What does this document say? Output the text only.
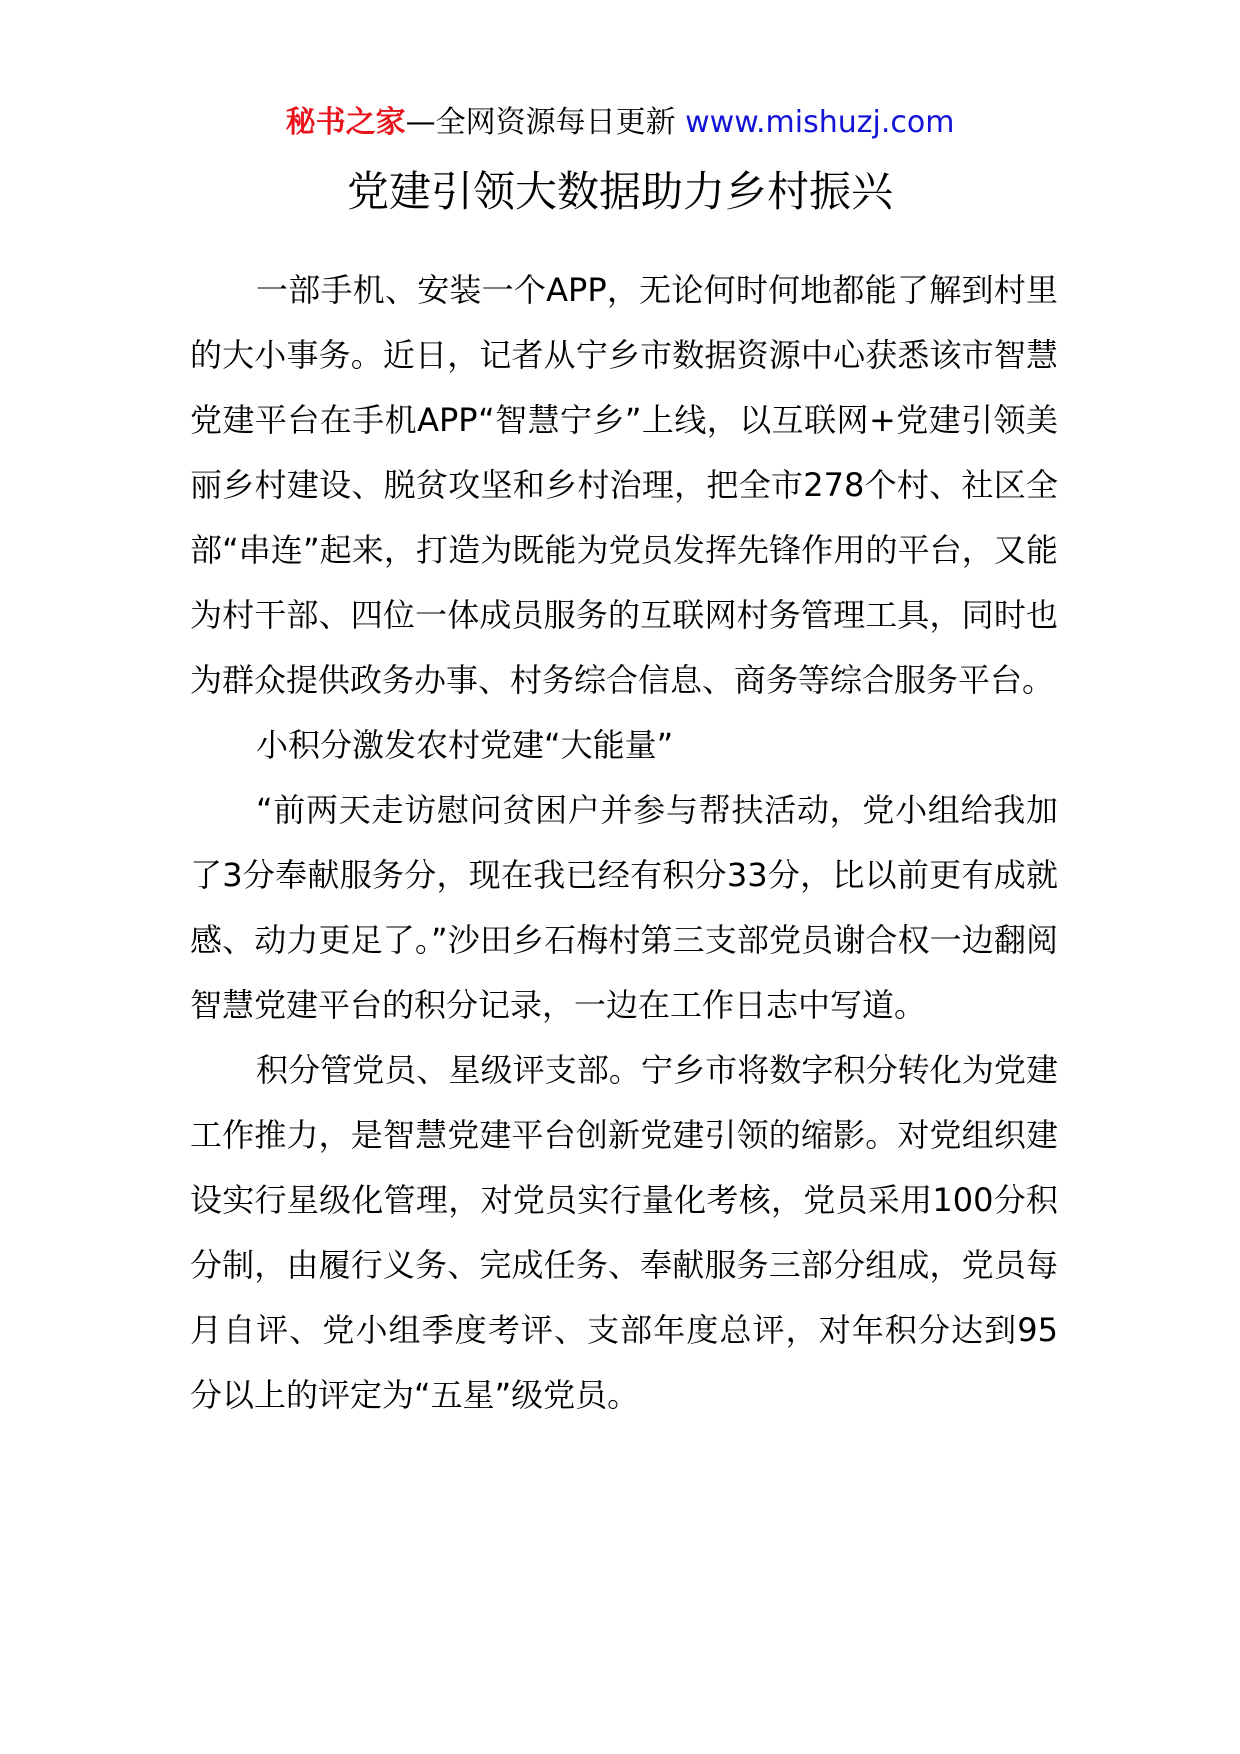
秘书之家—全网资源每日更新 www.mishuzj.com
党建引领大数据助力乡村振兴

一部手机、安装一个APP，无论何时何地都能了解到村里的大小事务。近日，记者从宁乡市数据资源中心获悉该市智慧党建平台在手机APP“智慧宁乡”上线，以互联网+党建引领美丽乡村建设、脱贫攻坚和乡村治理，把全市278个村、社区全部“串连”起来，打造为既能为党员发挥先锋作用的平台，又能为村干部、四位一体成员服务的互联网村务管理工具，同时也为群众提供政务办事、村务综合信息、商务等综合服务平台。

小积分激发农村党建“大能量”

“前两天走访慰问贫困户并参与帮扶活动，党小组给我加了3分奉献服务分，现在我已经有积分33分，比以前更有成就感、动力更足了。”沙田乡石梅村第三支部党员谢合权一边翻阅智慧党建平台的积分记录，一边在工作日志中写道。

积分管党员、星级评支部。宁乡市将数字积分转化为党建工作推力，是智慧党建平台创新党建引领的缩影。对党组织建设实行星级化管理，对党员实行量化考核，党员采用100分积分制，由履行义务、完成任务、奉献服务三部分组成，党员每月自评、党小组季度考评、支部年度总评，对年积分达到95分以上的评定为“五星”级党员。
